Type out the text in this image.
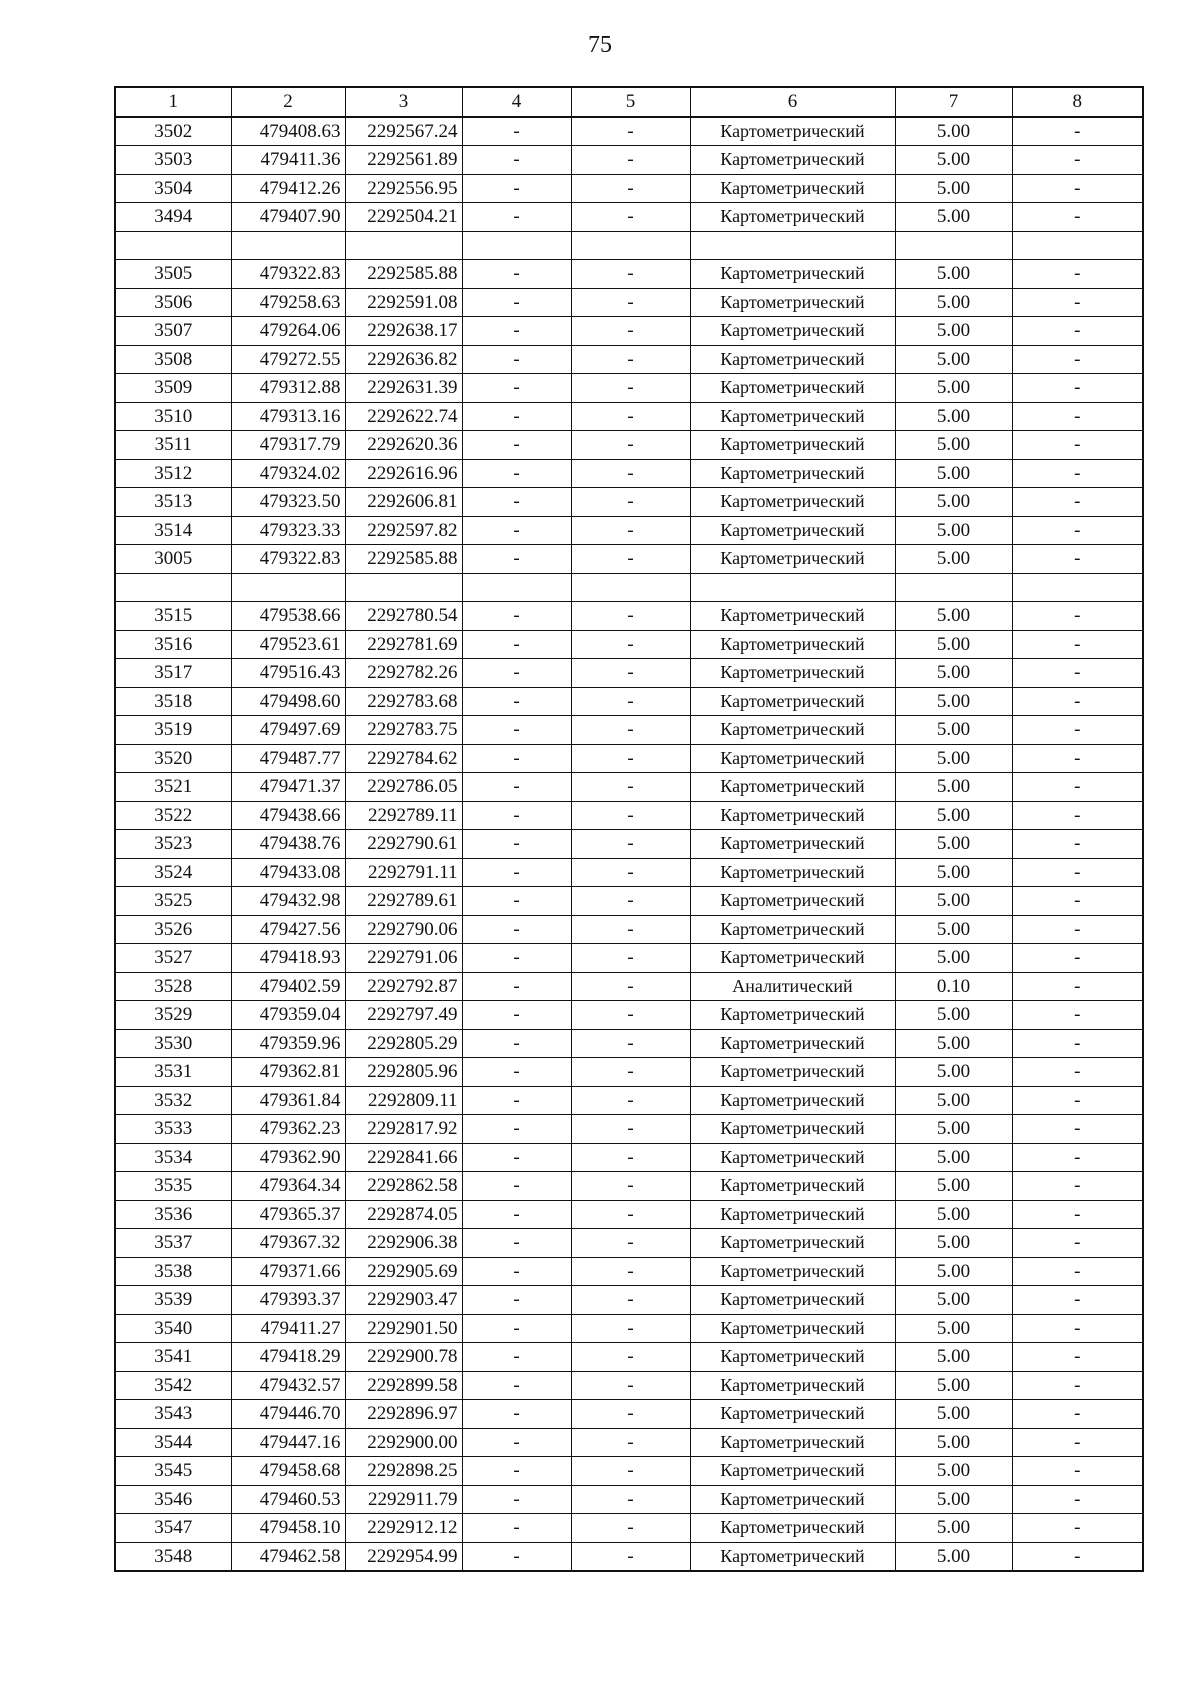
75
1	2	3	4	5	6	7	8
3502	479408.63	2292567.24	-	-	Картометрический	5.00	-
3503	479411.36	2292561.89	-	-	Картометрический	5.00	-
3504	479412.26	2292556.95	-	-	Картометрический	5.00	-
3494	479407.90	2292504.21	-	-	Картометрический	5.00	-

3505	479322.83	2292585.88	-	-	Картометрический	5.00	-
3506	479258.63	2292591.08	-	-	Картометрический	5.00	-
3507	479264.06	2292638.17	-	-	Картометрический	5.00	-
3508	479272.55	2292636.82	-	-	Картометрический	5.00	-
3509	479312.88	2292631.39	-	-	Картометрический	5.00	-
3510	479313.16	2292622.74	-	-	Картометрический	5.00	-
3511	479317.79	2292620.36	-	-	Картометрический	5.00	-
3512	479324.02	2292616.96	-	-	Картометрический	5.00	-
3513	479323.50	2292606.81	-	-	Картометрический	5.00	-
3514	479323.33	2292597.82	-	-	Картометрический	5.00	-
3005	479322.83	2292585.88	-	-	Картометрический	5.00	-

3515	479538.66	2292780.54	-	-	Картометрический	5.00	-
3516	479523.61	2292781.69	-	-	Картометрический	5.00	-
3517	479516.43	2292782.26	-	-	Картометрический	5.00	-
3518	479498.60	2292783.68	-	-	Картометрический	5.00	-
3519	479497.69	2292783.75	-	-	Картометрический	5.00	-
3520	479487.77	2292784.62	-	-	Картометрический	5.00	-
3521	479471.37	2292786.05	-	-	Картометрический	5.00	-
3522	479438.66	2292789.11	-	-	Картометрический	5.00	-
3523	479438.76	2292790.61	-	-	Картометрический	5.00	-
3524	479433.08	2292791.11	-	-	Картометрический	5.00	-
3525	479432.98	2292789.61	-	-	Картометрический	5.00	-
3526	479427.56	2292790.06	-	-	Картометрический	5.00	-
3527	479418.93	2292791.06	-	-	Картометрический	5.00	-
3528	479402.59	2292792.87	-	-	Аналитический	0.10	-
3529	479359.04	2292797.49	-	-	Картометрический	5.00	-
3530	479359.96	2292805.29	-	-	Картометрический	5.00	-
3531	479362.81	2292805.96	-	-	Картометрический	5.00	-
3532	479361.84	2292809.11	-	-	Картометрический	5.00	-
3533	479362.23	2292817.92	-	-	Картометрический	5.00	-
3534	479362.90	2292841.66	-	-	Картометрический	5.00	-
3535	479364.34	2292862.58	-	-	Картометрический	5.00	-
3536	479365.37	2292874.05	-	-	Картометрический	5.00	-
3537	479367.32	2292906.38	-	-	Картометрический	5.00	-
3538	479371.66	2292905.69	-	-	Картометрический	5.00	-
3539	479393.37	2292903.47	-	-	Картометрический	5.00	-
3540	479411.27	2292901.50	-	-	Картометрический	5.00	-
3541	479418.29	2292900.78	-	-	Картометрический	5.00	-
3542	479432.57	2292899.58	-	-	Картометрический	5.00	-
3543	479446.70	2292896.97	-	-	Картометрический	5.00	-
3544	479447.16	2292900.00	-	-	Картометрический	5.00	-
3545	479458.68	2292898.25	-	-	Картометрический	5.00	-
3546	479460.53	2292911.79	-	-	Картометрический	5.00	-
3547	479458.10	2292912.12	-	-	Картометрический	5.00	-
3548	479462.58	2292954.99	-	-	Картометрический	5.00	-
